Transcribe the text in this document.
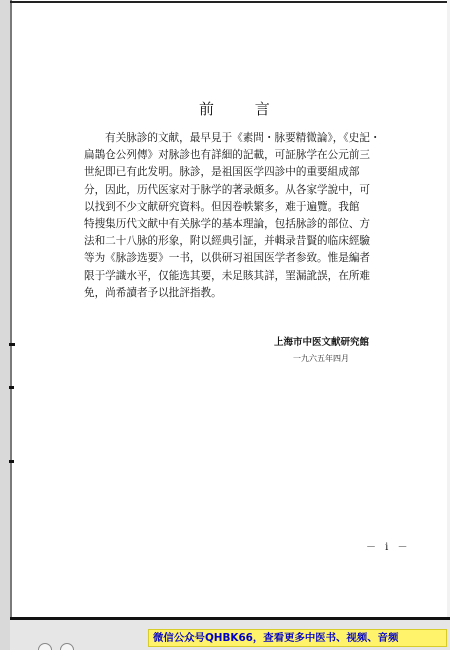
前 言

有关脉診的文献，最早見于《素問・脉要精微論》，《史記・

扁鵲仓公列傳》对脉診也有詳細的記載，可証脉学在公元前三

世紀即已有此发明。脉診，是祖国医学四診中的重要組成部

分，因此，历代医家对于脉学的著录頗多。从各家学說中，可

以找到不少文献研究資料。但因卷帙繁多，难于遍覽。我館

特搜集历代文献中有关脉学的基本理論，包括脉診的部位、方

法和二十八脉的形象，附以經典引証，并輯录昔賢的临床經驗

等为《脉診选要》一书，以供研习祖国医学者参致。惟是編者

限于学識水平，仅能选其要，未足賅其詳，罣漏訛誤，在所难

免，尚希讀者予以批評指教。

上海市中医文献研究館
一九六五年四月
－ i －
微信公众号QHBK66，查看更多中医书、视频、音频
